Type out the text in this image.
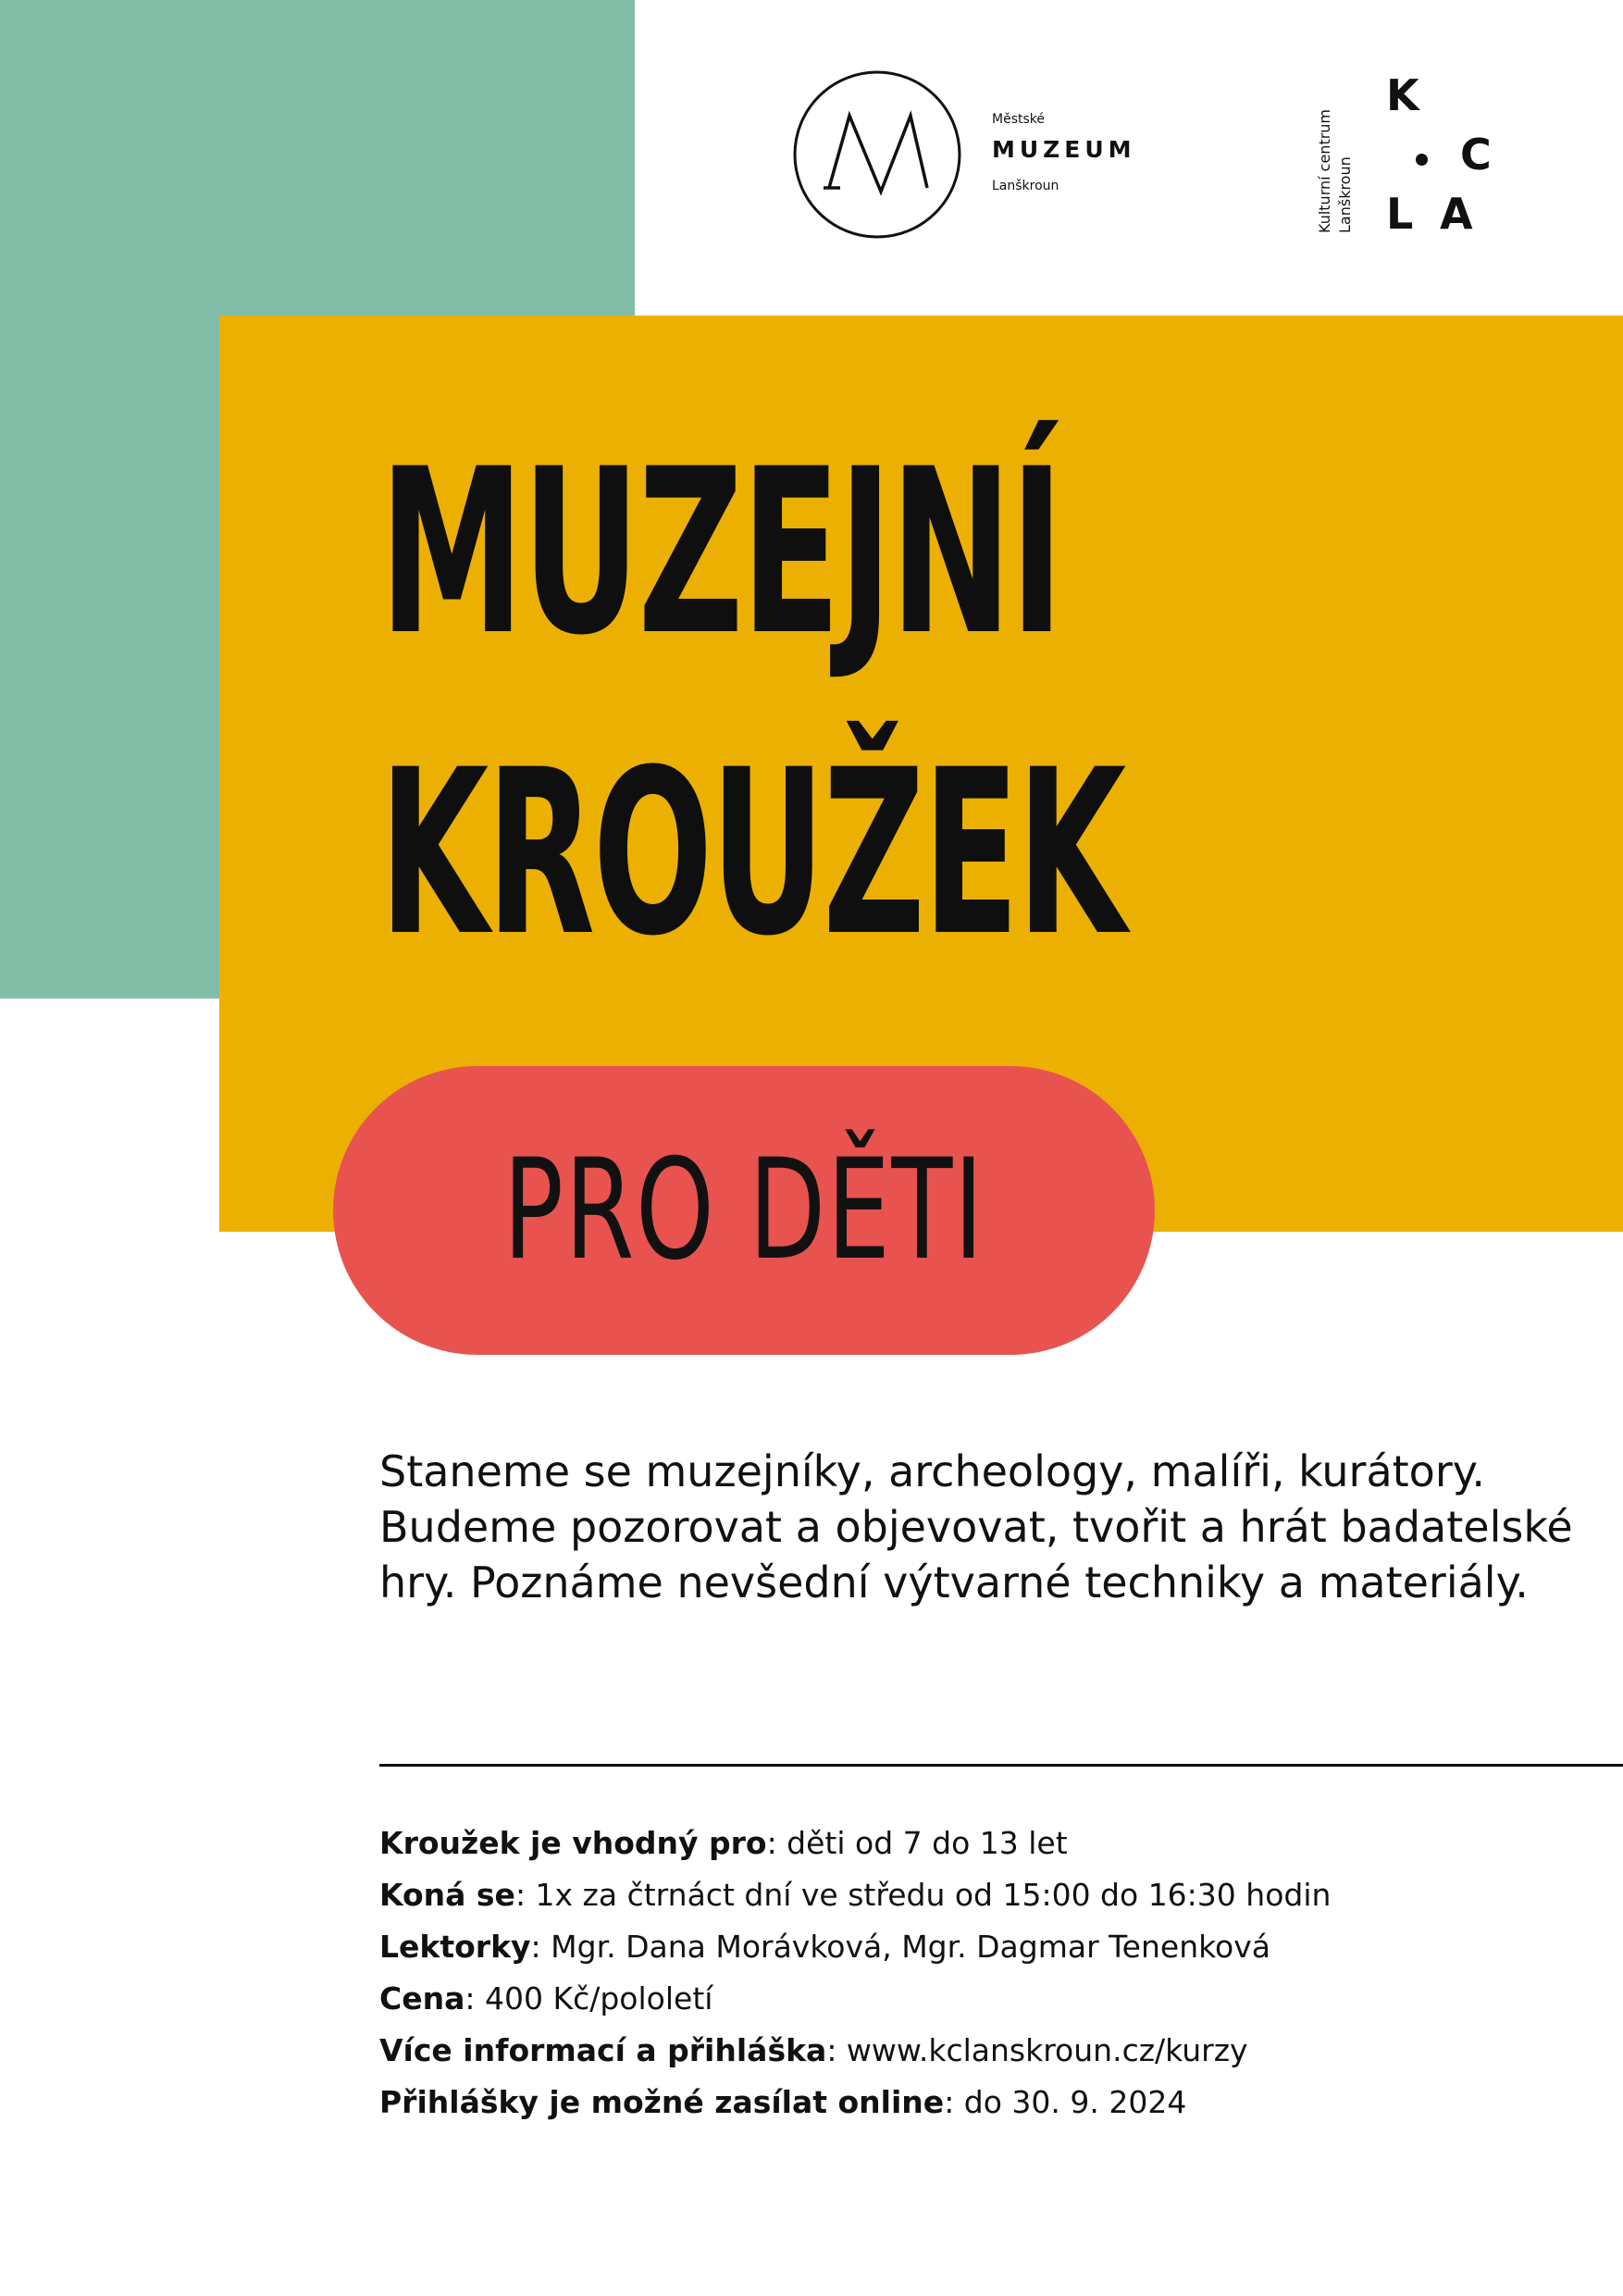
Městské

MUZEUM

Lanškroun	Kulturní centrum Lanškroun
K
C
L A
MUZEJNÍ
KROUŽEK

PRO DĚTI

Staneme se muzejníky, archeology, malíři, kurátory. Budeme pozorovat a objevovat, tvořit a hrát badatelské hry. Poznáme nevšední výtvarné techniky a materiály.

Kroužek je vhodný pro: děti od 7 do 13 let
Koná se: 1x za čtrnáct dní ve středu od 15:00 do 16:30 hodin
Lektorky: Mgr. Dana Morávková, Mgr. Dagmar Tenenková
Cena: 400 Kč/pololetí
Více informací a přihláška: www.kclanskroun.cz/kurzy
Přihlášky je možné zasílat online: do 30. 9. 2024
